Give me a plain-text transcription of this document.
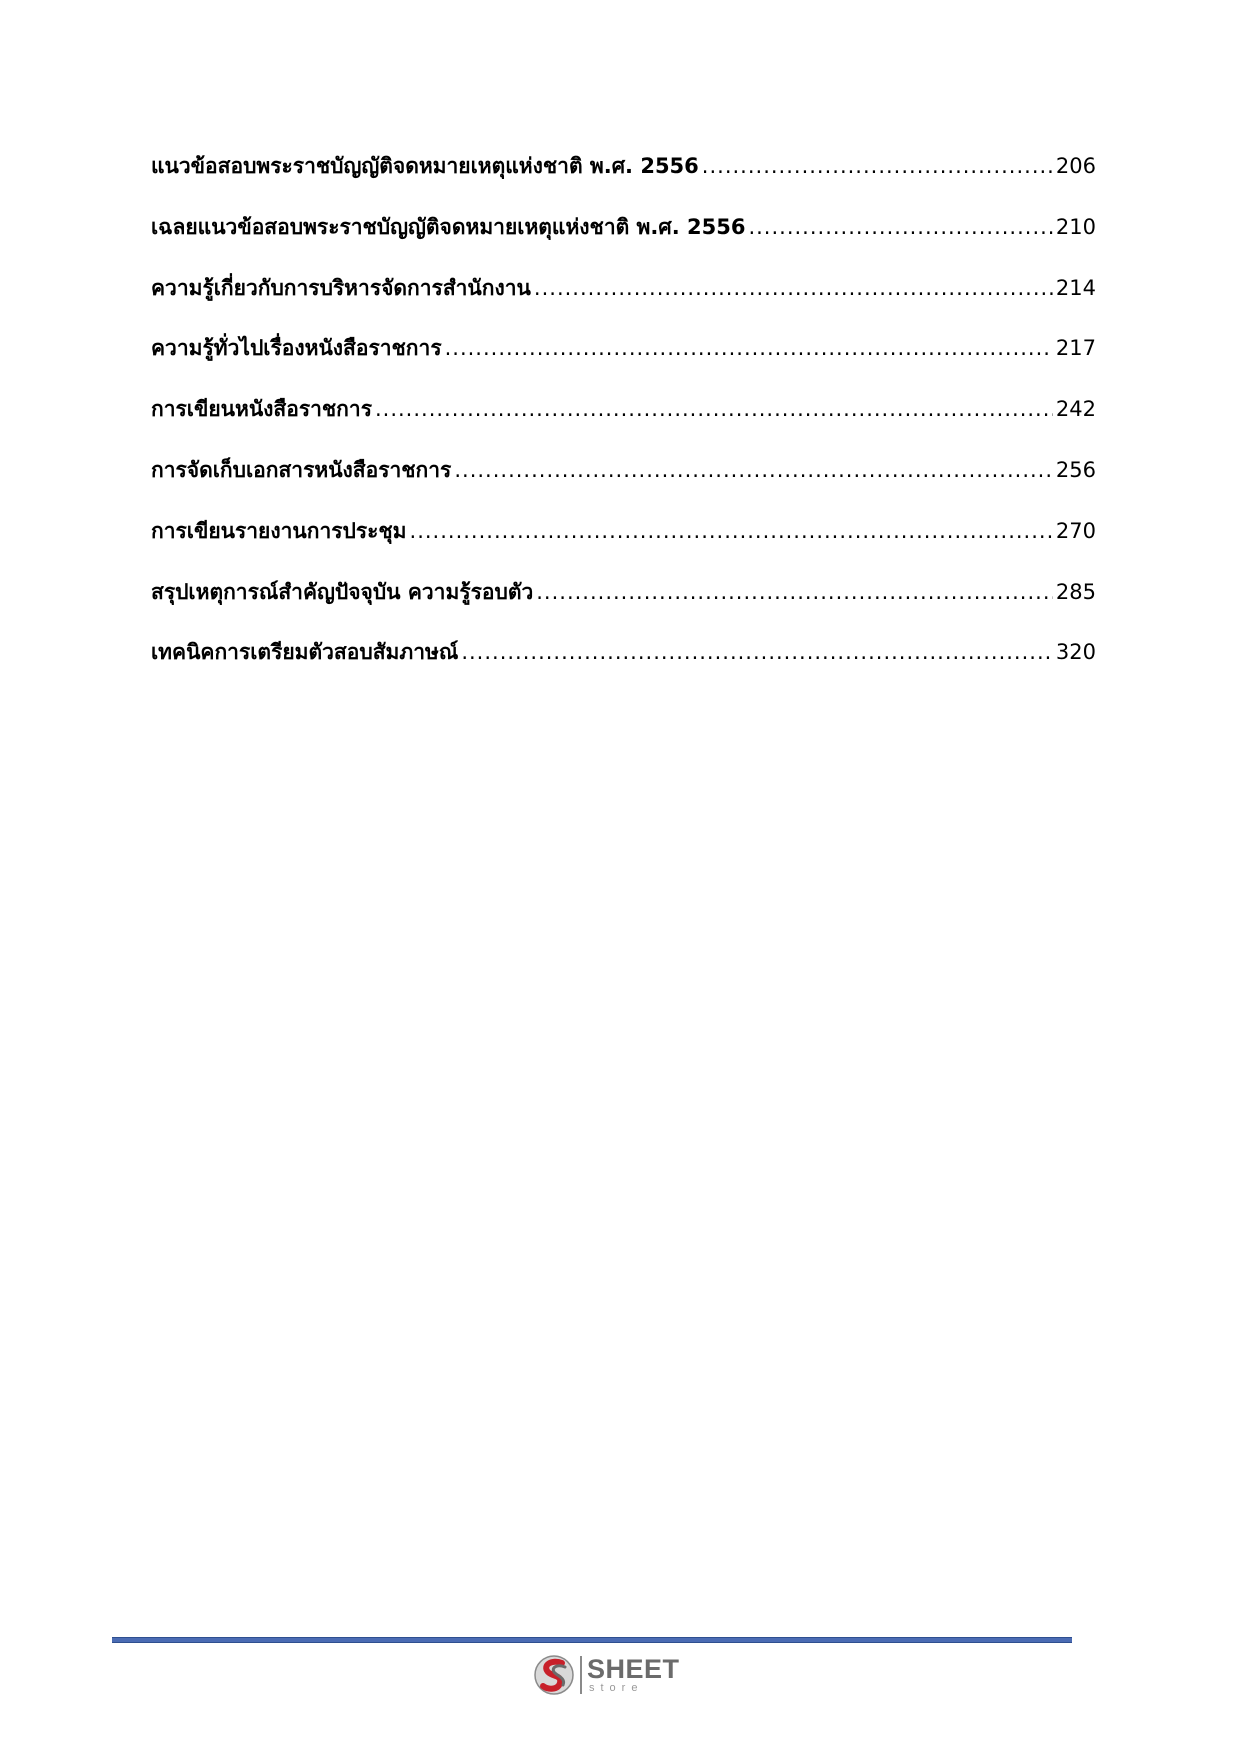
แนวข้อสอบพระราชบัญญัติจดหมายเหตุแห่งชาติ พ.ศ. 2556 .....	206
เฉลยแนวข้อสอบพระราชบัญญัติจดหมายเหตุแห่งชาติ พ.ศ. 2556 .....	210
ความรู้เกี่ยวกับการบริหารจัดการสำนักงาน .....	214
ความรู้ทั่วไปเรื่องหนังสือราชการ .....	217
การเขียนหนังสือราชการ .....	242
การจัดเก็บเอกสารหนังสือราชการ .....	256
การเขียนรายงานการประชุม .....	270
สรุปเหตุการณ์สำคัญปัจจุบัน ความรู้รอบตัว .....	285
เทคนิคการเตรียมตัวสอบสัมภาษณ์ .....	320
SHEET
store
